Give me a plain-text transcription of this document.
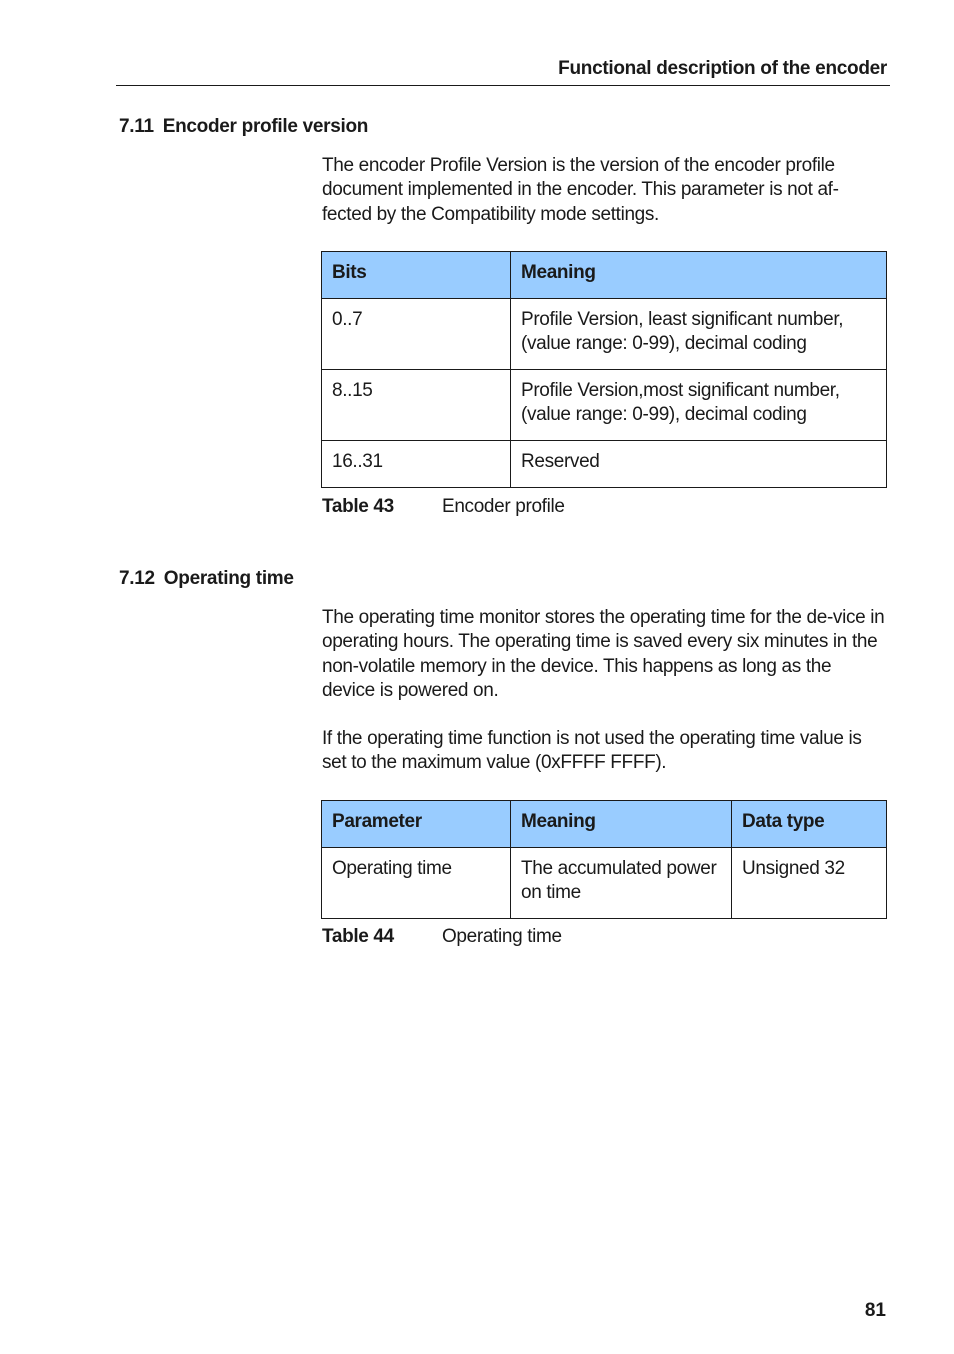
Functional description of the encoder
7.11 Encoder profile version

The encoder Profile Version is the version of the encoder profile document implemented in the encoder. This parameter is not af-fected by the Compatibility mode settings.

Bits	Meaning
0..7	Profile Version, least significant number, (value range: 0-99), decimal coding
8..15	Profile Version,most significant number, (value range: 0-99), decimal coding
16..31	Reserved
Table 43	Encoder profile
7.12 Operating time

The operating time monitor stores the operating time for the de-vice in operating hours. The operating time is saved every six minutes in the non-volatile memory in the device. This happens as long as the device is powered on.

If the operating time function is not used the operating time value is set to the maximum value (0xFFFF FFFF).

Parameter	Meaning	Data type
Operating time	The accumulated power on time	Unsigned 32
Table 44	Operating time
81
